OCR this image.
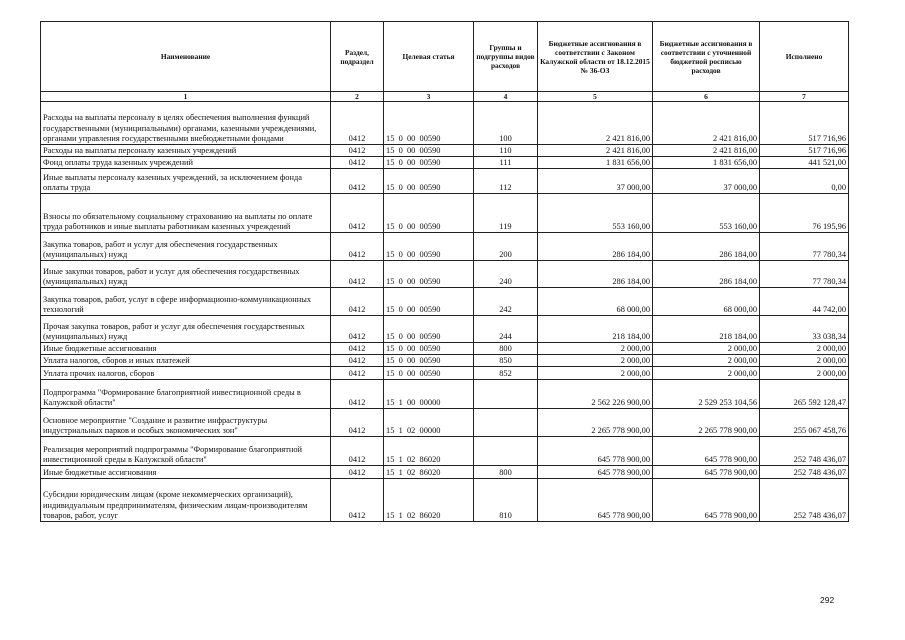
Наименование	Раздел, подраздел	Целевая статья	Группы и подгруппы видов расходов	Бюджетные ассигнования в соответствии с Законом Калужской области от 18.12.2015 № 36-ОЗ	Бюджетные ассигнования в соответствии с уточненной бюджетной росписью расходов	Исполнено
1	2	3	4	5	6	7
Расходы на выплаты персоналу в целях обеспечения выполнения функций государственными (муниципальными) органами, казенными учреждениями, органами управления государственными внебюджетными фондами	0412	15  0  00  00590	100	2 421 816,00	2 421 816,00	517 716,96
Расходы на выплаты персоналу казенных учреждений	0412	15  0  00  00590	110	2 421 816,00	2 421 816,00	517 716,96
Фонд оплаты труда казенных учреждений	0412	15  0  00  00590	111	1 831 656,00	1 831 656,00	441 521,00
Иные выплаты персоналу казенных учреждений, за исключением фонда оплаты труда	0412	15  0  00  00590	112	37 000,00	37 000,00	0,00
Взносы по обязательному социальному страхованию на выплаты по оплате труда работников и иные выплаты работникам казенных учреждений	0412	15  0  00  00590	119	553 160,00	553 160,00	76 195,96
Закупка товаров, работ и услуг для обеспечения государственных (муниципальных) нужд	0412	15  0  00  00590	200	286 184,00	286 184,00	77 780,34
Иные закупки товаров, работ и услуг для обеспечения государственных (муниципальных) нужд	0412	15  0  00  00590	240	286 184,00	286 184,00	77 780,34
Закупка товаров, работ, услуг в сфере информационно-коммуникационных технологий	0412	15  0  00  00590	242	68 000,00	68 000,00	44 742,00
Прочая закупка товаров, работ и услуг для обеспечения государственных (муниципальных) нужд	0412	15  0  00  00590	244	218 184,00	218 184,00	33 038,34
Иные бюджетные ассигнования	0412	15  0  00  00590	800	2 000,00	2 000,00	2 000,00
Уплата налогов, сборов и иных платежей	0412	15  0  00  00590	850	2 000,00	2 000,00	2 000,00
Уплата прочих налогов, сборов	0412	15  0  00  00590	852	2 000,00	2 000,00	2 000,00
Подпрограмма "Формирование благоприятной инвестиционной среды в Калужской области"	0412	15  1  00  00000		2 562 226 900,00	2 529 253 104,56	265 592 128,47
Основное мероприятие "Создание и развитие инфраструктуры индустриальных парков и особых экономических зон"	0412	15  1  02  00000		2 265 778 900,00	2 265 778 900,00	255 067 458,76
Реализация мероприятий подпрограммы "Формирование благоприятной инвестиционной среды в Калужской области"	0412	15  1  02  86020		645 778 900,00	645 778 900,00	252 748 436,07
Иные бюджетные ассигнования	0412	15  1  02  86020	800	645 778 900,00	645 778 900,00	252 748 436,07
Субсидии юридическим лицам (кроме некоммерческих организаций), индивидуальным предпринимателям, физическим лицам-производителям товаров, работ, услуг	0412	15  1  02  86020	810	645 778 900,00	645 778 900,00	252 748 436,07
292
